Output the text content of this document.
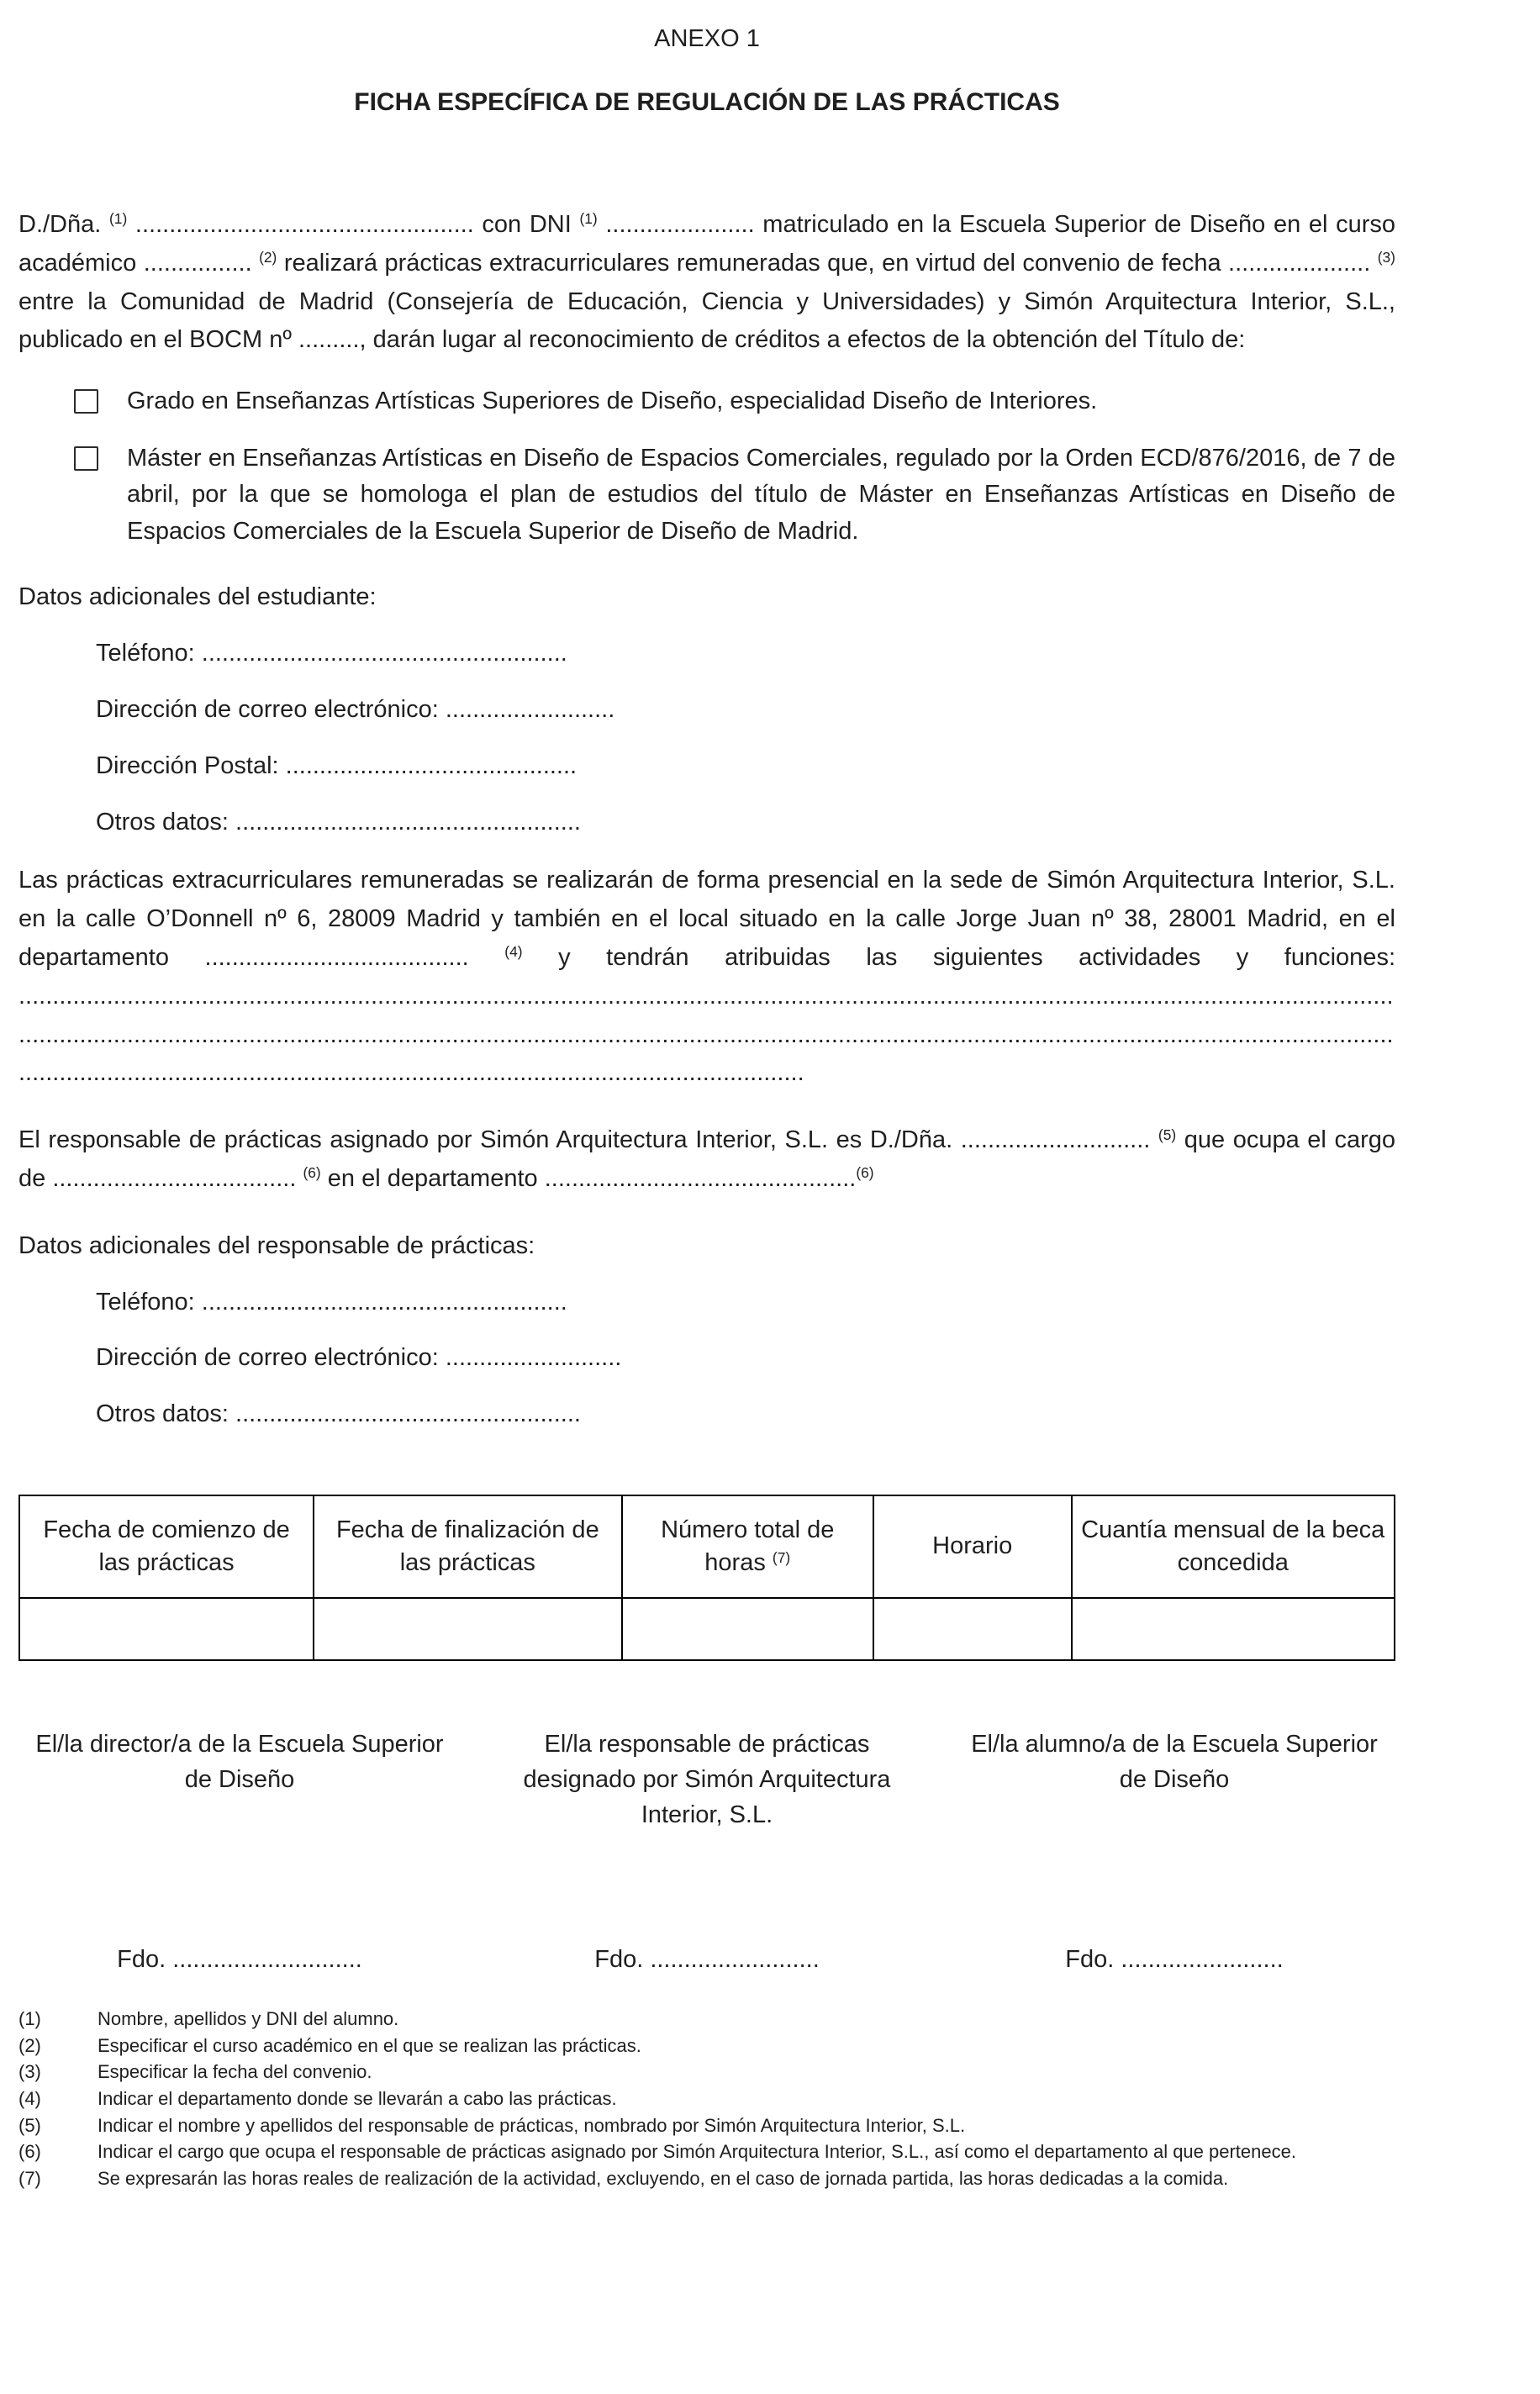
ANEXO 1
FICHA ESPECÍFICA DE REGULACIÓN DE LAS PRÁCTICAS

D./Dña. $^{(1)}$ .................................................. con DNI $^{(1)}$ ...................... matriculado en la Escuela Superior de Diseño en el curso académico ................ $^{(2)}$ realizará prácticas extracurriculares remuneradas que, en virtud del convenio de fecha ..................... $^{(3)}$ entre la Comunidad de Madrid (Consejería de Educación, Ciencia y Universidades) y Simón Arquitectura Interior, S.L., publicado en el BOCM nº ........., darán lugar al reconocimiento de créditos a efectos de la obtención del Título de:

Grado en Enseñanzas Artísticas Superiores de Diseño, especialidad Diseño de Interiores.
Máster en Enseñanzas Artísticas en Diseño de Espacios Comerciales, regulado por la Orden ECD/876/2016, de 7 de abril, por la que se homologa el plan de estudios del título de Máster en Enseñanzas Artísticas en Diseño de Espacios Comerciales de la Escuela Superior de Diseño de Madrid.

Datos adicionales del estudiante:

Teléfono: ......................................................

Dirección de correo electrónico: .........................

Dirección Postal: ...........................................

Otros datos: ...................................................

Las prácticas extracurriculares remuneradas se realizarán de forma presencial en la sede de Simón Arquitectura Interior, S.L. en la calle O’Donnell nº 6, 28009 Madrid y también en el local situado en la calle Jorge Juan nº 38, 28001 Madrid, en el departamento ....................................... $^{(4)}$ y tendrán atribuidas las siguientes actividades y funciones: ..........................................................................................................................................................................................................................................................................................................................................................................................................................................................................................................................................

El responsable de prácticas asignado por Simón Arquitectura Interior, S.L. es D./Dña. ............................ $^{(5)}$ que ocupa el cargo de .................................... $^{(6)}$ en el departamento ..............................................$^{(6)}$

Datos adicionales del responsable de prácticas:

Teléfono: ......................................................

Dirección de correo electrónico: ..........................

Otros datos: ...................................................

Fecha de comienzo de las prácticas	Fecha de finalización de las prácticas	Número total de horas $^{(7)}$	Horario	Cuantía mensual de la beca concedida

El/la director/a de la Escuela Superior de Diseño
El/la responsable de prácticas designado por Simón Arquitectura Interior, S.L.
El/la alumno/a de la Escuela Superior de Diseño
Fdo. ............................	Fdo. .........................	Fdo. ........................
(1)	Nombre, apellidos y DNI del alumno.
(2)	Especificar el curso académico en el que se realizan las prácticas.
(3)	Especificar la fecha del convenio.
(4)	Indicar el departamento donde se llevarán a cabo las prácticas.
(5)	Indicar el nombre y apellidos del responsable de prácticas, nombrado por Simón Arquitectura Interior, S.L.
(6)	Indicar el cargo que ocupa el responsable de prácticas asignado por Simón Arquitectura Interior, S.L., así como el departamento al que pertenece.
(7)	Se expresarán las horas reales de realización de la actividad, excluyendo, en el caso de jornada partida, las horas dedicadas a la comida.
